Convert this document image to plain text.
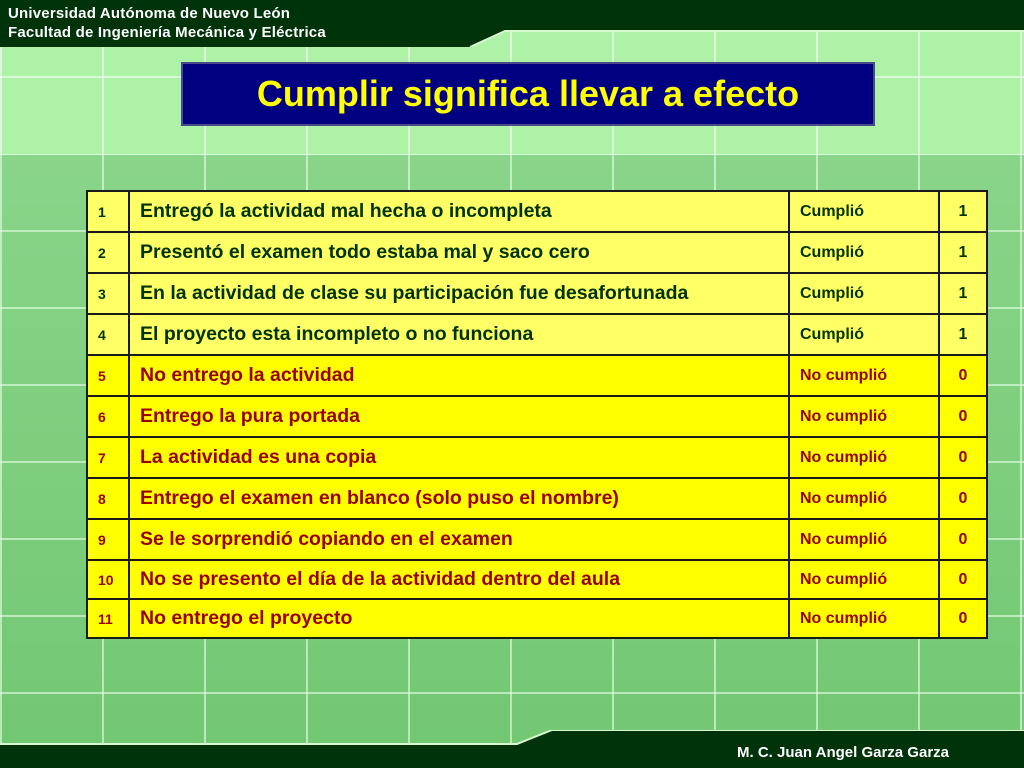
Universidad Autónoma de Nuevo León
Facultad de Ingeniería Mecánica y Eléctrica
Cumplir significa llevar a efecto
1	Entregó la actividad mal hecha o incompleta	Cumplió	1
2	Presentó el examen todo estaba mal y saco cero	Cumplió	1
3	En la actividad de clase su participación fue desafortunada	Cumplió	1
4	El proyecto esta incompleto o no funciona	Cumplió	1
5	No entrego la actividad	No cumplió	0
6	Entrego la pura portada	No cumplió	0
7	La actividad es una copia	No cumplió	0
8	Entrego el examen en blanco (solo puso el nombre)	No cumplió	0
9	Se le sorprendió copiando en el examen	No cumplió	0
10	No se presento el día de la actividad dentro del aula	No cumplió	0
11	No entrego el proyecto	No cumplió	0
M. C. Juan Angel Garza Garza
